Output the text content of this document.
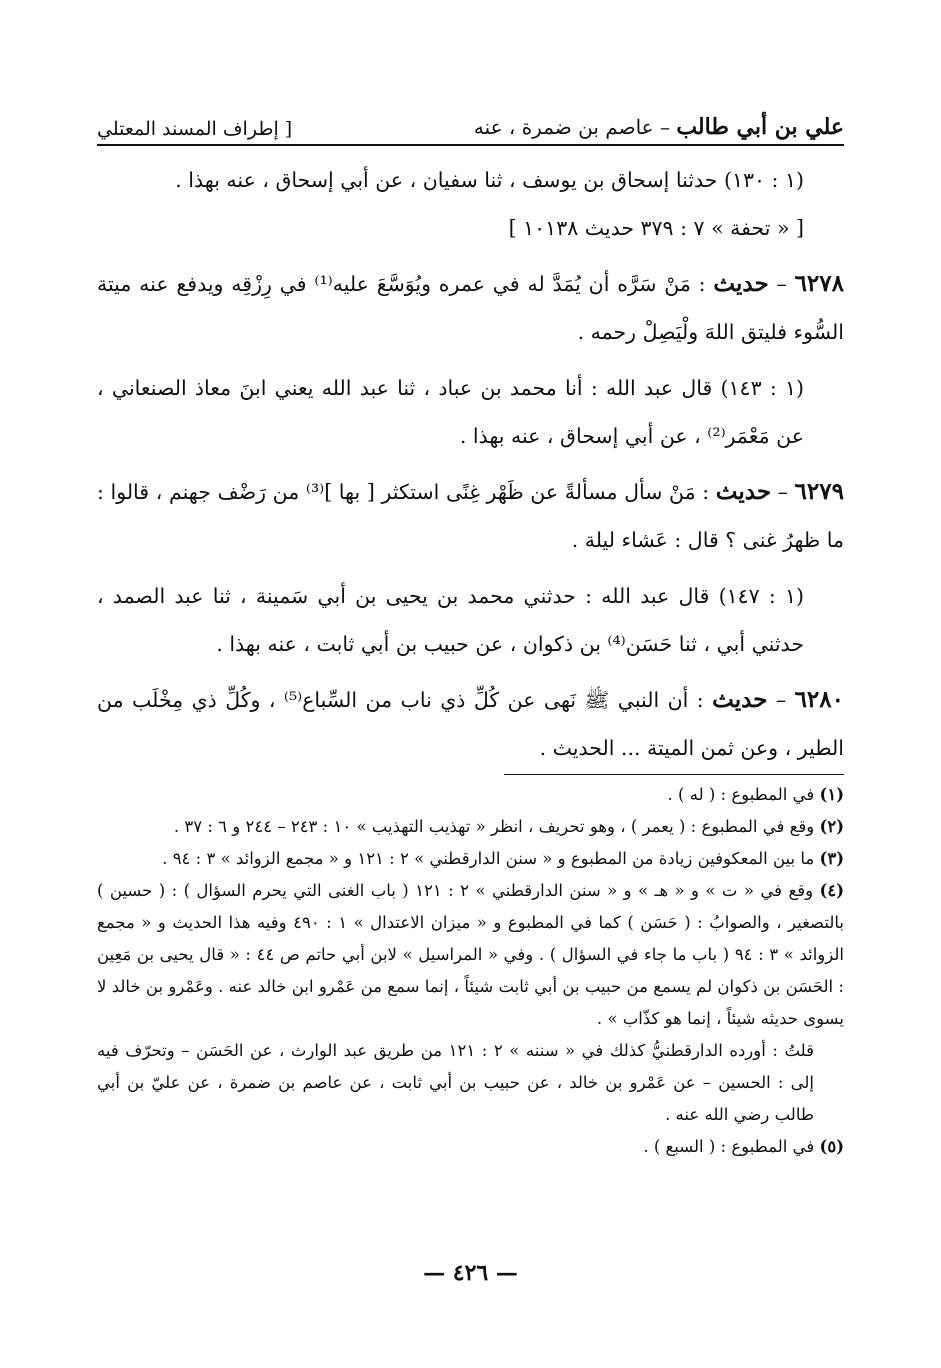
علي بن أبي طالب – عاصم بن ضمرة ، عنه
[ إطراف المسند المعتلي

(١ : ١٣٠) حدثنا إسحاق بن يوسف ، ثنا سفيان ، عن أبي إسحاق ، عنه بهذا .

[ « تحفة » ٧ : ٣٧٩ حديث ١٠١٣٨ ]

٦٢٧٨ – حديث : مَنْ سَرَّه أن يُمَدَّ له في عمره ويُوَسَّعَ عليه⁽¹⁾ في رِزْقِه ويدفع عنه ميتة السُّوء فليتق اللهَ ولْيَصِلْ رحمه .

(١ : ١٤٣) قال عبد الله : أنا محمد بن عباد ، ثنا عبد الله يعني ابنَ معاذ الصنعاني ، عن مَعْمَر⁽²⁾ ، عن أبي إسحاق ، عنه بهذا .

٦٢٧٩ – حديث : مَنْ سأل مسألةً عن ظَهْر غِنًى استكثر [ بها ]⁽³⁾ من رَضْف جهنم ، قالوا : ما ظهرُ غنى ؟ قال : عَشاء ليلة .

(١ : ١٤٧) قال عبد الله : حدثني محمد بن يحيى بن أبي سَمينة ، ثنا عبد الصمد ، حدثني أبي ، ثنا حَسَن⁽⁴⁾ بن ذكوان ، عن حبيب بن أبي ثابت ، عنه بهذا .

٦٢٨٠ – حديث : أن النبي ﷺ نَهى عن كُلِّ ذي ناب من السِّباع⁽⁵⁾ ، وكُلِّ ذي مِخْلَب من الطير ، وعن ثمن الميتة ... الحديث .

(١) في المطبوع : ( له ) .

(٢) وقع في المطبوع : ( يعمر ) ، وهو تحريف ، انظر « تهذيب التهذيب » ١٠ : ٢٤٣ – ٢٤٤ و ٦ : ٣٧ .

(٣) ما بين المعكوفين زيادة من المطبوع و « سنن الدارقطني » ٢ : ١٢١ و « مجمع الزوائد » ٣ : ٩٤ .

(٤) وقع في « ت » و « هـ » و « سنن الدارقطني » ٢ : ١٢١ ( باب الغنى التي يحرم السؤال ) : ( حسين ) بالتصغير ، والصوابُ : ( حَسَن ) كما في المطبوع و « ميزان الاعتدال » ١ : ٤٩٠ وفيه هذا الحديث و « مجمع الزوائد » ٣ : ٩٤ ( باب ما جاء في السؤال ) . وفي « المراسيل » لابن أبي حاتم ص ٤٤ : « قال يحيى بن مَعِين : الحَسَن بن ذكوان لم يسمع من حبيب بن أبي ثابت شيئاً ، إنما سمع من عَمْرو ابن خالد عنه . وعَمْرو بن خالد لا يسوى حديثه شيئاً ، إنما هو كذّاب » .

قلتُ : أورده الدارقطنيُّ كذلك في « سننه » ٢ : ١٢١ من طريق عبد الوارث ، عن الحَسَن – وتحرّف فيه إلى : الحسين – عن عَمْرو بن خالد ، عن حبيب بن أبي ثابت ، عن عاصم بن ضمرة ، عن عليّ بن أبي طالب رضي الله عنه .

(٥) في المطبوع : ( السبع ) .

— ٤٢٦ —
